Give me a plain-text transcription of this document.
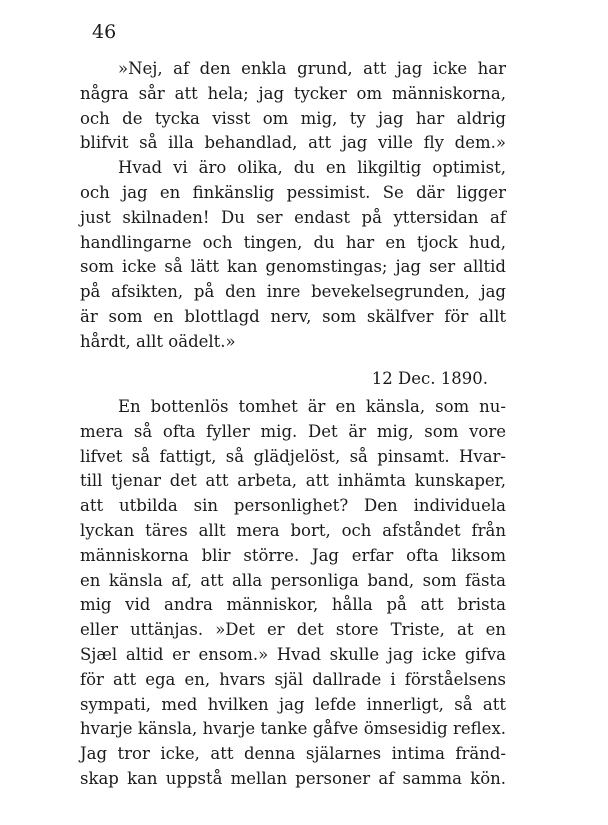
46
»Nej, af den enkla grund, att jag icke har
några sår att hela; jag tycker om människorna,
och de tycka visst om mig, ty jag har aldrig
blifvit så illa behandlad, att jag ville fly dem.»
Hvad vi äro olika, du en likgiltig optimist,
och jag en finkänslig pessimist. Se där ligger
just skilnaden! Du ser endast på yttersidan af
handlingarne och tingen, du har en tjock hud,
som icke så lätt kan genomstingas; jag ser alltid
på afsikten, på den inre bevekelsegrunden, jag
är som en blottlagd nerv, som skälfver för allt
hårdt, allt oädelt.»
12 Dec. 1890.
En bottenlös tomhet är en känsla, som nu-
mera så ofta fyller mig. Det är mig, som vore
lifvet så fattigt, så glädjelöst, så pinsamt. Hvar-
till tjenar det att arbeta, att inhämta kunskaper,
att utbilda sin personlighet? Den individuela
lyckan täres allt mera bort, och afståndet från
människorna blir större. Jag erfar ofta liksom
en känsla af, att alla personliga band, som fästa
mig vid andra människor, hålla på att brista
eller uttänjas. »Det er det store Triste, at en
Sjæl altid er ensom.» Hvad skulle jag icke gifva
för att ega en, hvars själ dallrade i förståelsens
sympati, med hvilken jag lefde innerligt, så att
hvarje känsla, hvarje tanke gåfve ömsesidig reflex.
Jag tror icke, att denna själarnes intima fränd-
skap kan uppstå mellan personer af samma kön.
